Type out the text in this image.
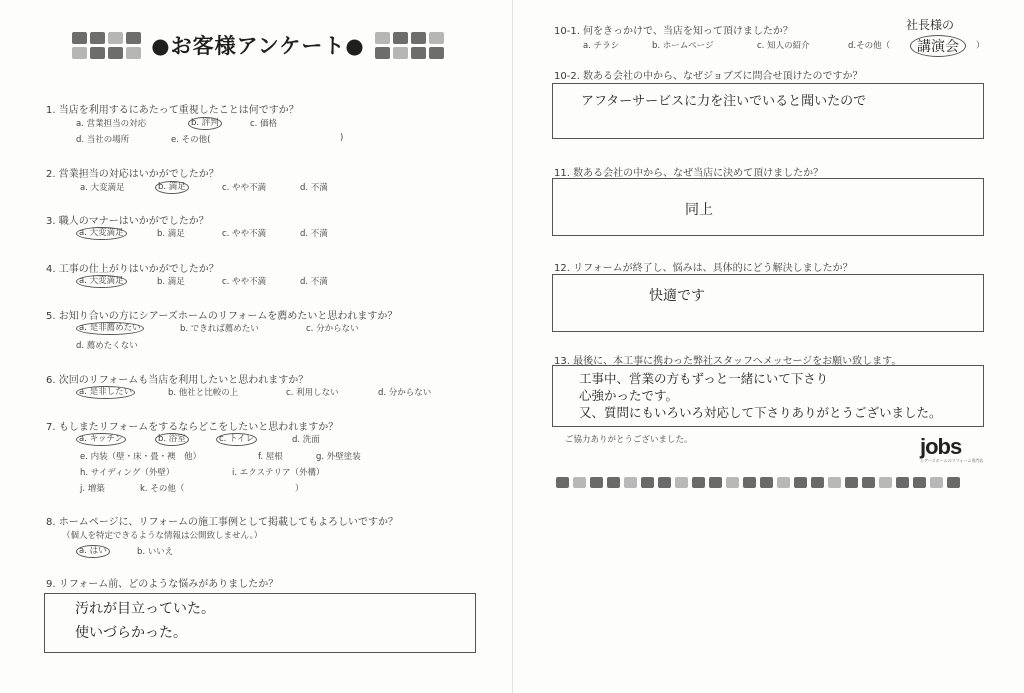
●お客様アンケート●
1. 当店を利用するにあたって重視したことは何ですか？
a. 営業担当の対応	b. 評判	c. 価格
d. 当社の場所	e. その他(	)
2. 営業担当の対応はいかがでしたか？
a. 大変満足	b. 満足	c. やや不満	d. 不満
3. 職人のマナーはいかがでしたか？
a. 大変満足	b. 満足	c. やや不満	d. 不満
4. 工事の仕上がりはいかがでしたか？
a. 大変満足	b. 満足	c. やや不満	d. 不満
5. お知り合いの方にシアーズホームのリフォームを薦めたいと思われますか？
a. 是非薦めたい	b. できれば薦めたい	c. 分からない
d. 薦めたくない
6. 次回のリフォームも当店を利用したいと思われますか？
a. 是非したい	b. 他社と比較の上	c. 利用しない	d. 分からない
7. もしまたリフォームをするならどこをしたいと思われますか？
a. キッチン	b. 浴室	c. トイレ	d. 洗面
e. 内装（壁・床・畳・襖　他）	f. 屋根	g. 外壁塗装
h. サイディング（外壁）	i. エクステリア（外構）
j. 増築	k. その他（	）
8. ホームページに、リフォームの施工事例として掲載してもよろしいですか？
（個人を特定できるような情報は公開致しません。）
a. はい	b. いいえ
9. リフォーム前、どのような悩みがありましたか？
汚れが目立っていた。
使いづらかった。
10-1. 何をきっかけで、当店を知って頂けましたか？
a. チラシ	b. ホームページ	c. 知人の紹介	d.その他（	）
社長様の
講演会
10-2. 数ある会社の中から、なぜジョブズに問合せ頂けたのですか？
アフターサービスに力を注いでいると聞いたので
11. 数ある会社の中から、なぜ当店に決めて頂けましたか？
同上
12. リフォームが終了し、悩みは、具体的にどう解決しましたか？
快適です
13. 最後に、本工事に携わった弊社スタッフへメッセージをお願い致します。
工事中、営業の方もずっと一緒にいて下さり
心強かったです。
又、質問にもいろいろ対応して下さりありがとうございました。
ご協力ありがとうございました。	jobs
シアーズホームのリフォーム専門店
